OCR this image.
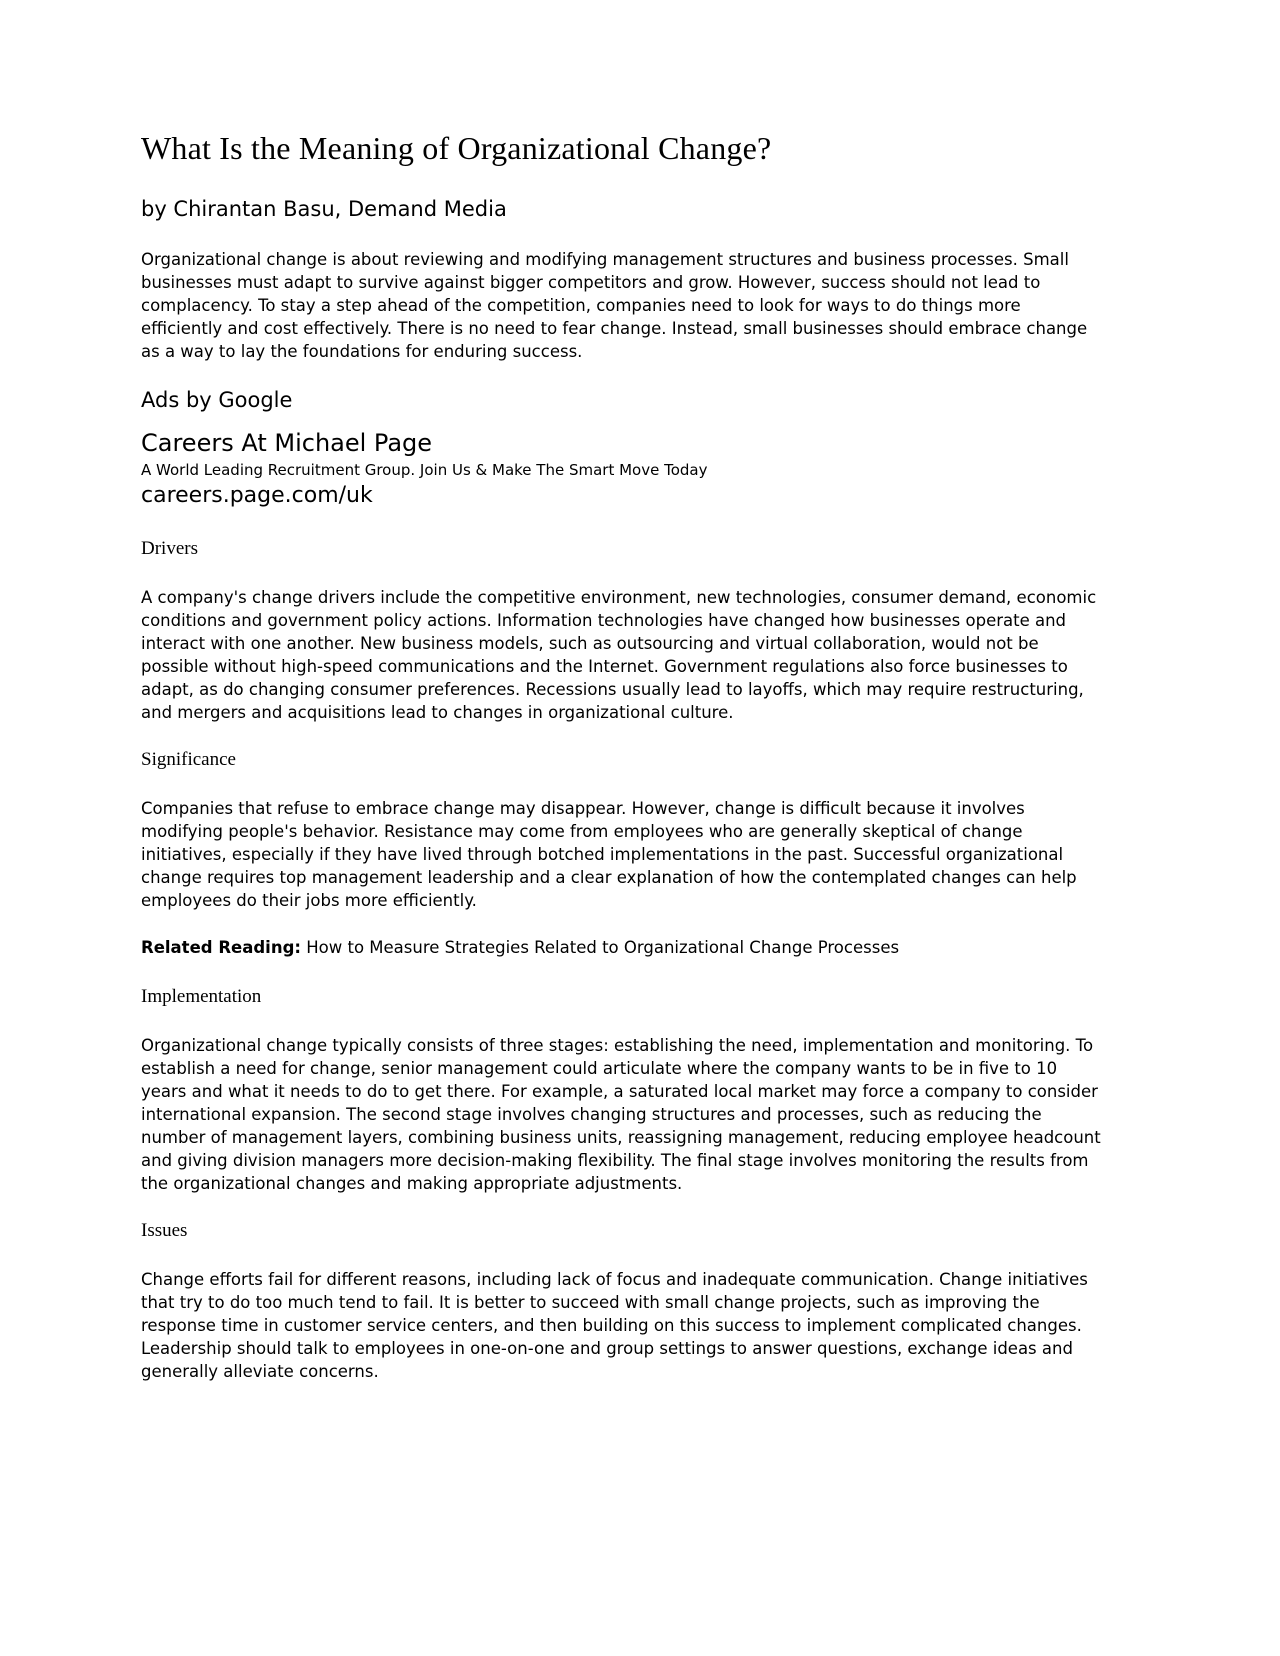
What Is the Meaning of Organizational Change?
by Chirantan Basu, Demand Media

Organizational change is about reviewing and modifying management structures and business processes. Small businesses must adapt to survive against bigger competitors and grow. However, success should not lead to complacency. To stay a step ahead of the competition, companies need to look for ways to do things more efficiently and cost effectively. There is no need to fear change. Instead, small businesses should embrace change as a way to lay the foundations for enduring success.

Ads by Google
Careers At Michael Page
A World Leading Recruitment Group. Join Us & Make The Smart Move Today
careers.page.com/uk
Drivers

A company's change drivers include the competitive environment, new technologies, consumer demand, economic conditions and government policy actions. Information technologies have changed how businesses operate and interact with one another. New business models, such as outsourcing and virtual collaboration, would not be possible without high-speed communications and the Internet. Government regulations also force businesses to adapt, as do changing consumer preferences. Recessions usually lead to layoffs, which may require restructuring, and mergers and acquisitions lead to changes in organizational culture.

Significance

Companies that refuse to embrace change may disappear. However, change is difficult because it involves modifying people's behavior. Resistance may come from employees who are generally skeptical of change initiatives, especially if they have lived through botched implementations in the past. Successful organizational change requires top management leadership and a clear explanation of how the contemplated changes can help employees do their jobs more efficiently.

Related Reading: How to Measure Strategies Related to Organizational Change Processes

Implementation

Organizational change typically consists of three stages: establishing the need, implementation and monitoring. To establish a need for change, senior management could articulate where the company wants to be in five to 10 years and what it needs to do to get there. For example, a saturated local market may force a company to consider international expansion. The second stage involves changing structures and processes, such as reducing the number of management layers, combining business units, reassigning management, reducing employee headcount and giving division managers more decision-making flexibility. The final stage involves monitoring the results from the organizational changes and making appropriate adjustments.

Issues

Change efforts fail for different reasons, including lack of focus and inadequate communication. Change initiatives that try to do too much tend to fail. It is better to succeed with small change projects, such as improving the response time in customer service centers, and then building on this success to implement complicated changes. Leadership should talk to employees in one-on-one and group settings to answer questions, exchange ideas and generally alleviate concerns.
